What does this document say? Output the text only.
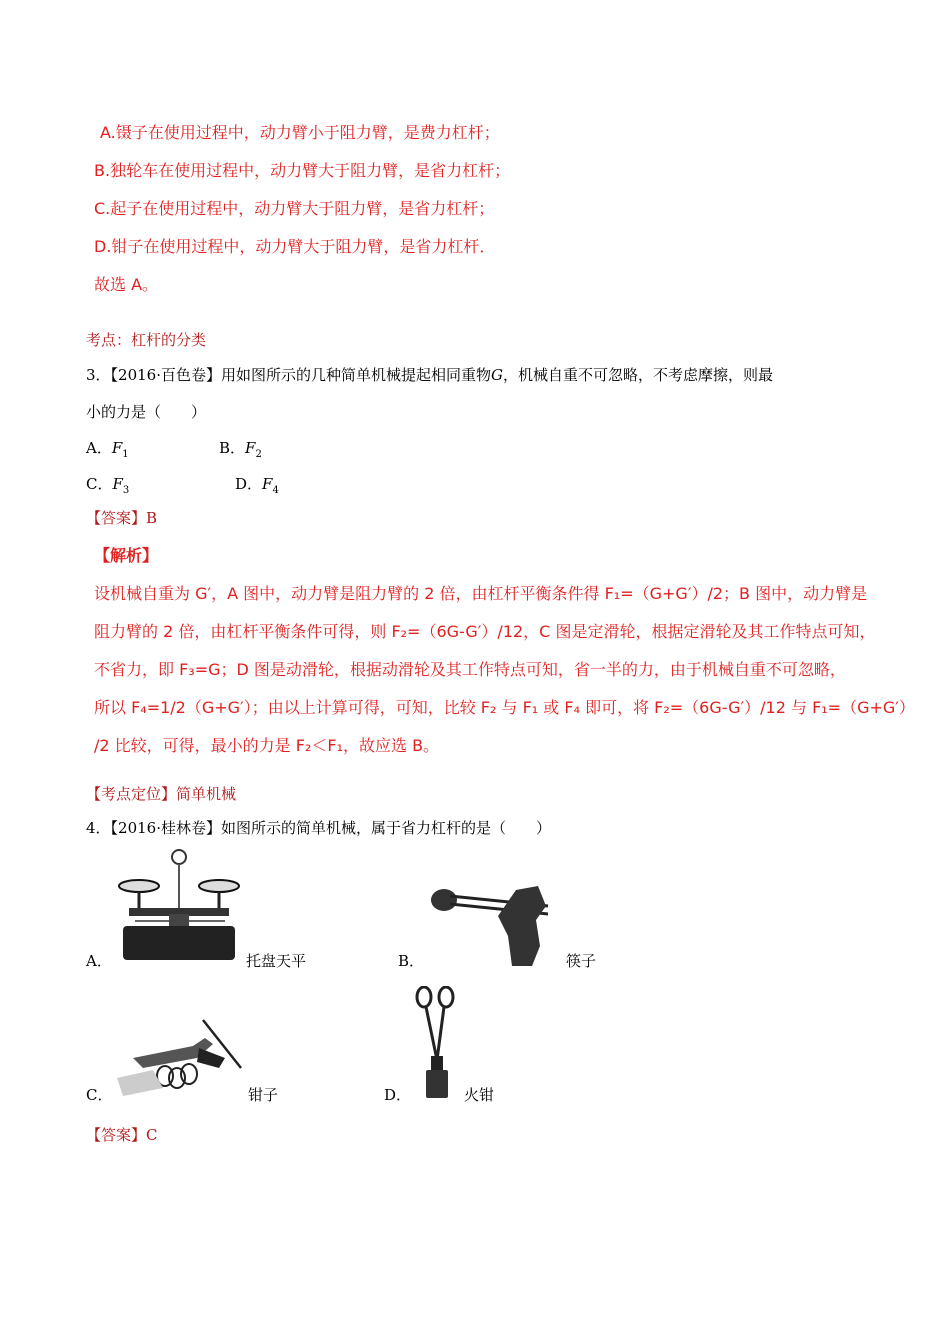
A.镊子在使用过程中，动力臂小于阻力臂，是费力杠杆；
B.独轮车在使用过程中，动力臂大于阻力臂，是省力杠杆；
C.起子在使用过程中，动力臂大于阻力臂，是省力杠杆；
D.钳子在使用过程中，动力臂大于阻力臂，是省力杠杆．
故选 A。
考点：杠杆的分类
3．【2016·百色卷】用如图所示的几种简单机械提起相同重物G，机械自重不可忽略，不考虑摩擦，则最
小的力是（　　）
A．$F_1$	B．$F_2$
C．$F_3$	D．$F_4$
【答案】B
【解析】
设机械自重为 G′，A 图中，动力臂是阻力臂的 2 倍，由杠杆平衡条件得 F₁=（G+G′）/2；B 图中，动力臂是
阻力臂的 2 倍，由杠杆平衡条件可得，则 F₂=（6G-G′）/12，C 图是定滑轮，根据定滑轮及其工作特点可知，
不省力，即 F₃=G；D 图是动滑轮，根据动滑轮及其工作特点可知，省一半的力，由于机械自重不可忽略，
所以 F₄=1/2（G+G′）；由以上计算可得，可知，比较 F₂ 与 F₁ 或 F₄ 即可，将 F₂=（6G-G′）/12 与 F₁=（G+G′）
/2 比较，可得，最小的力是 F₂＜F₁，故应选 B。
【考点定位】简单机械
4．【2016·桂林卷】如图所示的简单机械，属于省力杠杆的是（　　）
A．	托盘天平	B．	筷子
C．	钳子	D．	火钳
【答案】C
